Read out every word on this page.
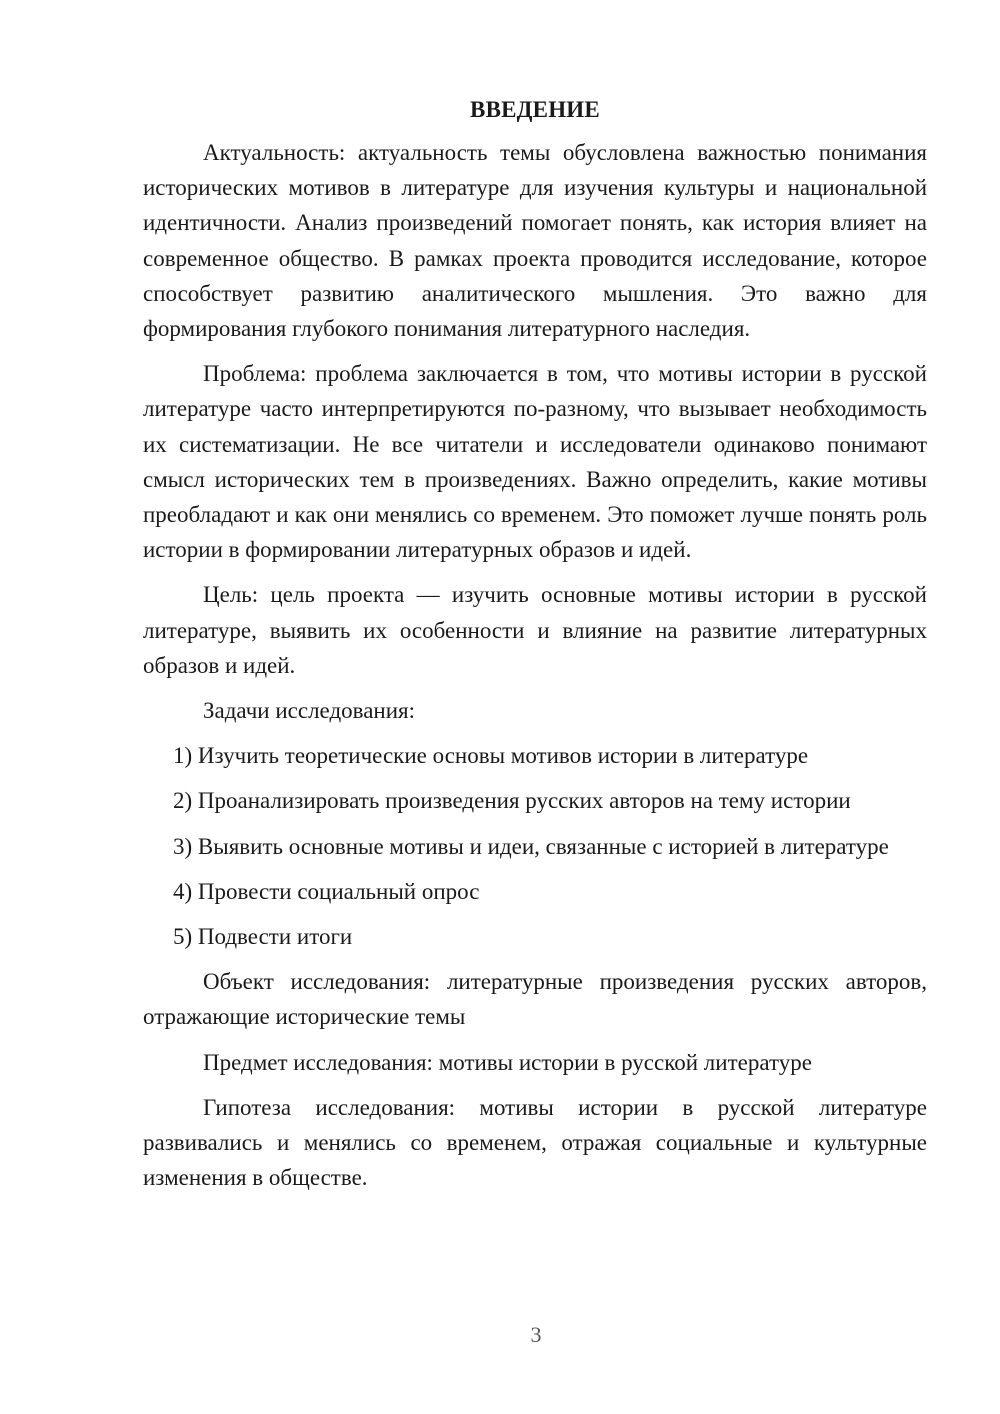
ВВЕДЕНИЕ

Актуальность: актуальность темы обусловлена важностью понимания исторических мотивов в литературе для изучения культуры и национальной идентичности. Анализ произведений помогает понять, как история влияет на современное общество. В рамках проекта проводится исследование, которое способствует развитию аналитического мышления. Это важно для формирования глубокого понимания литературного наследия.

Проблема: проблема заключается в том, что мотивы истории в русской литературе часто интерпретируются по-разному, что вызывает необходимость их систематизации. Не все читатели и исследователи одинаково понимают смысл исторических тем в произведениях. Важно определить, какие мотивы преобладают и как они менялись со временем. Это поможет лучше понять роль истории в формировании литературных образов и идей.

Цель: цель проекта — изучить основные мотивы истории в русской литературе, выявить их особенности и влияние на развитие литературных образов и идей.

Задачи исследования:

1) Изучить теоретические основы мотивов истории в литературе

2) Проанализировать произведения русских авторов на тему истории

3) Выявить основные мотивы и идеи, связанные с историей в литературе

4) Провести социальный опрос

5) Подвести итоги

Объект исследования: литературные произведения русских авторов, отражающие исторические темы

Предмет исследования: мотивы истории в русской литературе

Гипотеза исследования: мотивы истории в русской литературе развивались и менялись со временем, отражая социальные и культурные изменения в обществе.

3
